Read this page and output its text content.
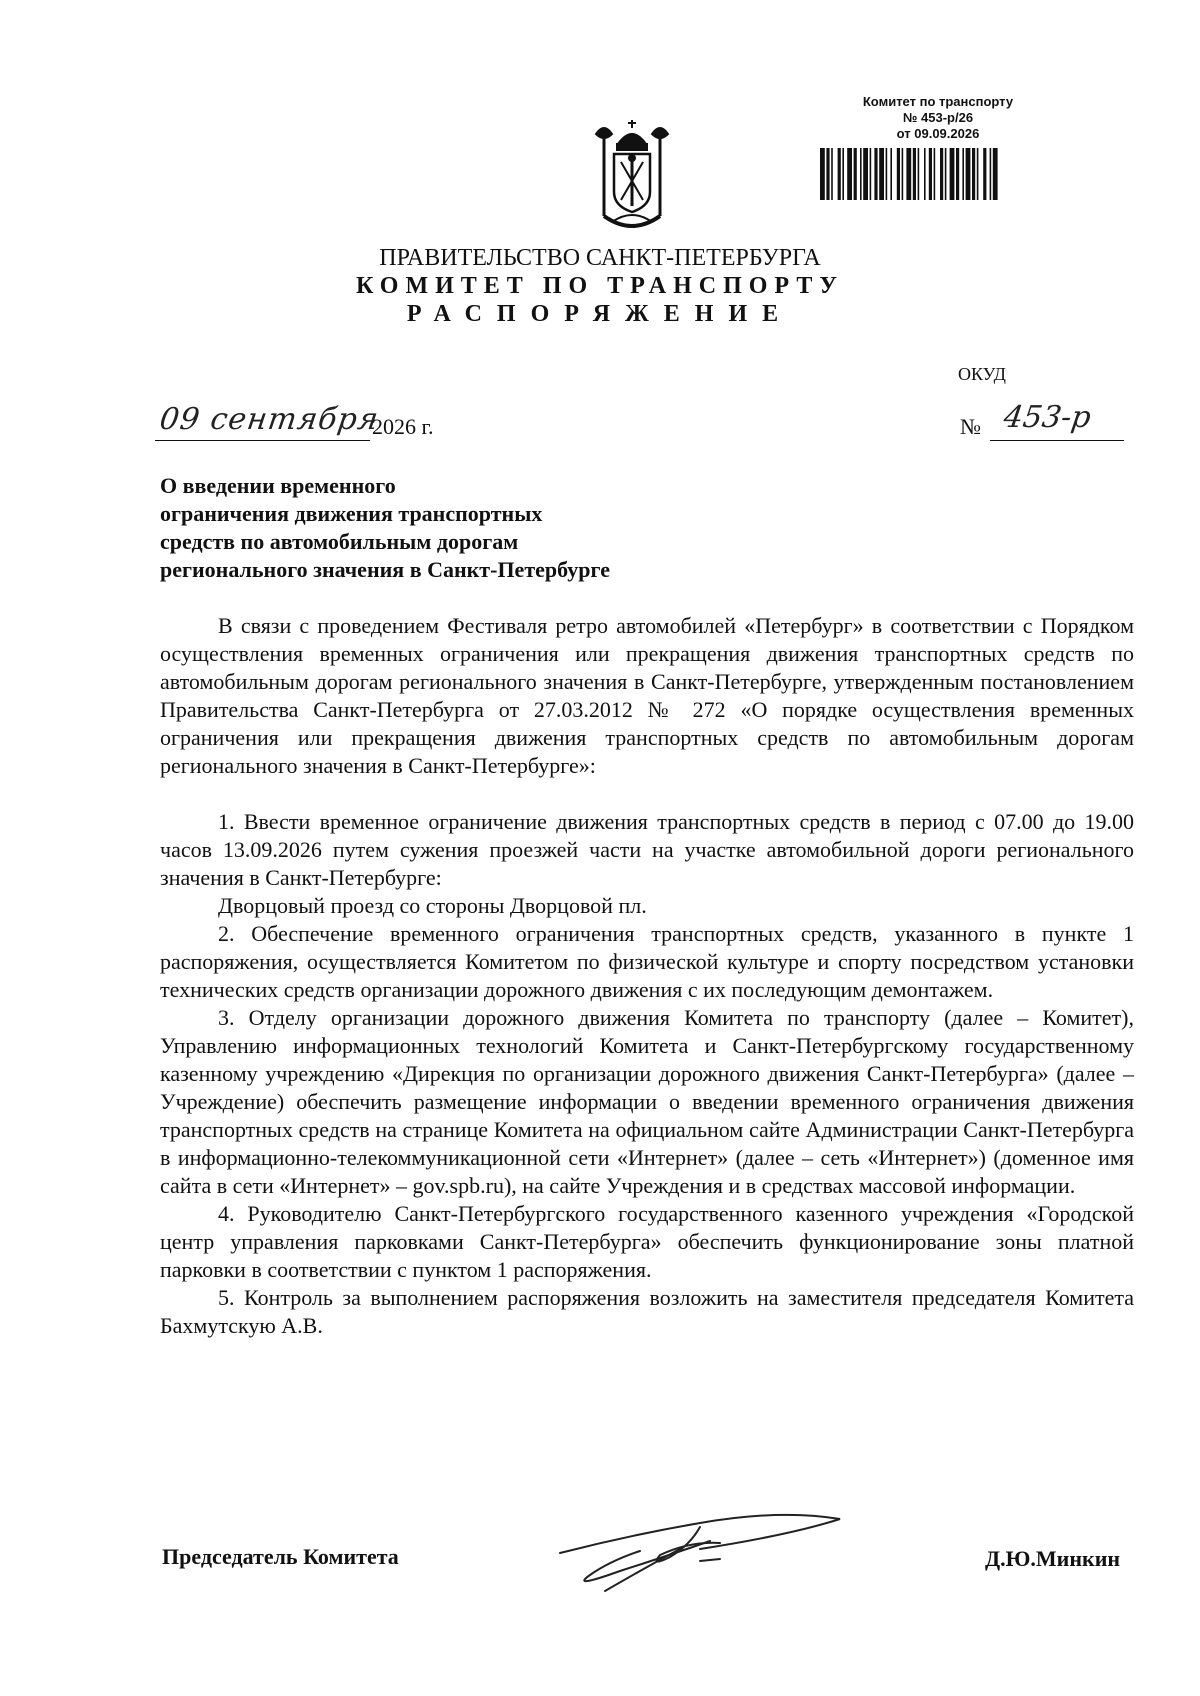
Комитет по транспорту
№ 453-р/26
от 09.09.2026
ПРАВИТЕЛЬСТВО САНКТ-ПЕТЕРБУРГА
КОМИТЕТ ПО ТРАНСПОРТУ
РАСПОРЯЖЕНИЕ
ОКУД
09 сентября
2026 г.	№ 453-р
О введении временного
ограничения движения транспортных
средств по автомобильным дорогам
регионального значения в Санкт-Петербурге

В связи с проведением Фестиваля ретро автомобилей «Петербург» в соответствии с Порядком осуществления временных ограничения или прекращения движения транспортных средств по автомобильным дорогам регионального значения в Санкт-Петербурге, утвержденным постановлением Правительства Санкт-Петербурга от 27.03.2012 № 272 «О порядке осуществления временных ограничения или прекращения движения транспортных средств по автомобильным дорогам регионального значения в Санкт-Петербурге»:

1. Ввести временное ограничение движения транспортных средств в период с 07.00 до 19.00 часов 13.09.2026 путем сужения проезжей части на участке автомобильной дороги регионального значения в Санкт-Петербурге:

Дворцовый проезд со стороны Дворцовой пл.

2. Обеспечение временного ограничения транспортных средств, указанного в пункте 1 распоряжения, осуществляется Комитетом по физической культуре и спорту посредством установки технических средств организации дорожного движения с их последующим демонтажем.

3. Отделу организации дорожного движения Комитета по транспорту (далее – Комитет), Управлению информационных технологий Комитета и Санкт-Петербургскому государственному казенному учреждению «Дирекция по организации дорожного движения Санкт-Петербурга» (далее – Учреждение) обеспечить размещение информации о введении временного ограничения движения транспортных средств на странице Комитета на официальном сайте Администрации Санкт-Петербурга в информационно-телекоммуникационной сети «Интернет» (далее – сеть «Интернет») (доменное имя сайта в сети «Интернет» – gov.spb.ru), на сайте Учреждения и в средствах массовой информации.

4. Руководителю Санкт-Петербургского государственного казенного учреждения «Городской центр управления парковками Санкт-Петербурга» обеспечить функционирование зоны платной парковки в соответствии с пунктом 1 распоряжения.

5. Контроль за выполнением распоряжения возложить на заместителя председателя Комитета Бахмутскую А.В.

Председатель Комитета	Д.Ю.Минкин
